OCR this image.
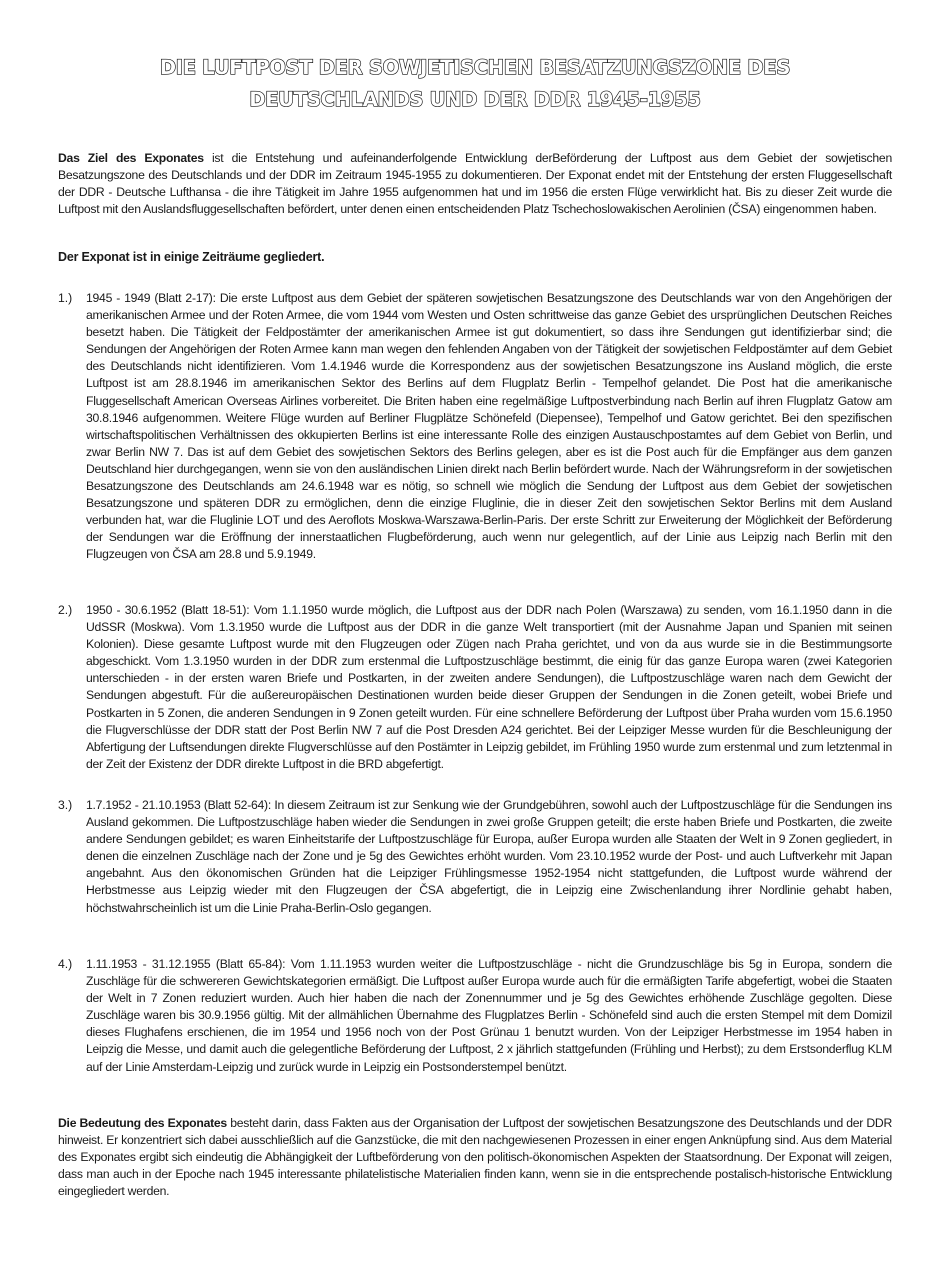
DIE LUFTPOST DER SOWJETISCHEN BESATZUNGSZONE DES
DEUTSCHLANDS UND DER DDR 1945-1955
Das Ziel des Exponates ist die Entstehung und aufeinanderfolgende Entwicklung derBeförderung der Luftpost aus dem Gebiet der sowjetischen Besatzungszone des Deutschlands und der DDR im Zeitraum 1945-1955 zu dokumentieren. Der Exponat endet mit der Entstehung der ersten Fluggesellschaft der DDR - Deutsche Lufthansa - die ihre Tätigkeit im Jahre 1955 aufgenommen hat und im 1956 die ersten Flüge verwirklicht hat. Bis zu dieser Zeit wurde die Luftpost mit den Auslandsfluggesellschaften befördert, unter denen einen entscheidenden Platz Tschechoslowakischen Aerolinien (ČSA) eingenommen haben.
Der Exponat ist in einige Zeiträume gegliedert.
1.) 1945 - 1949 (Blatt 2-17): Die erste Luftpost aus dem Gebiet der späteren sowjetischen Besatzungszone des Deutschlands war von den Angehörigen der amerikanischen Armee und der Roten Armee, die vom 1944 vom Westen und Osten schrittweise das ganze Gebiet des ursprünglichen Deutschen Reiches besetzt haben. Die Tätigkeit der Feldpostämter der amerikanischen Armee ist gut dokumentiert, so dass ihre Sendungen gut identifizierbar sind; die Sendungen der Angehörigen der Roten Armee kann man wegen den fehlenden Angaben von der Tätigkeit der sowjetischen Feldpostämter auf dem Gebiet des Deutschlands nicht identifizieren. Vom 1.4.1946 wurde die Korrespondenz aus der sowjetischen Besatzungszone ins Ausland möglich, die erste Luftpost ist am 28.8.1946 im amerikanischen Sektor des Berlins auf dem Flugplatz Berlin - Tempelhof gelandet. Die Post hat die amerikanische Fluggesellschaft American Overseas Airlines vorbereitet. Die Briten haben eine regelmäßige Luftpostverbindung nach Berlin auf ihren Flugplatz Gatow am 30.8.1946 aufgenommen. Weitere Flüge wurden auf Berliner Flugplätze Schönefeld (Diepensee), Tempelhof und Gatow gerichtet. Bei den spezifischen wirtschaftspolitischen Verhältnissen des okkupierten Berlins ist eine interessante Rolle des einzigen Austauschpostamtes auf dem Gebiet von Berlin, und zwar Berlin NW 7. Das ist auf dem Gebiet des sowjetischen Sektors des Berlins gelegen, aber es ist die Post auch für die Empfänger aus dem ganzen Deutschland hier durchgegangen, wenn sie von den ausländischen Linien direkt nach Berlin befördert wurde. Nach der Währungsreform in der sowjetischen Besatzungszone des Deutschlands am 24.6.1948 war es nötig, so schnell wie möglich die Sendung der Luftpost aus dem Gebiet der sowjetischen Besatzungszone und späteren DDR zu ermöglichen, denn die einzige Fluglinie, die in dieser Zeit den sowjetischen Sektor Berlins mit dem Ausland verbunden hat, war die Fluglinie LOT und des Aeroflots Moskwa-Warszawa-Berlin-Paris. Der erste Schritt zur Erweiterung der Möglichkeit der Beförderung der Sendungen war die Eröffnung der innerstaatlichen Flugbeförderung, auch wenn nur gelegentlich, auf der Linie aus Leipzig nach Berlin mit den Flugzeugen von ČSA am 28.8 und 5.9.1949.
2.) 1950 - 30.6.1952 (Blatt 18-51): Vom 1.1.1950 wurde möglich, die Luftpost aus der DDR nach Polen (Warszawa) zu senden, vom 16.1.1950 dann in die UdSSR (Moskwa). Vom 1.3.1950 wurde die Luftpost aus der DDR in die ganze Welt transportiert (mit der Ausnahme Japan und Spanien mit seinen Kolonien). Diese gesamte Luftpost wurde mit den Flugzeugen oder Zügen nach Praha gerichtet, und von da aus wurde sie in die Bestimmungsorte abgeschickt. Vom 1.3.1950 wurden in der DDR zum erstenmal die Luftpostzuschläge bestimmt, die einig für das ganze Europa waren (zwei Kategorien unterschieden - in der ersten waren Briefe und Postkarten, in der zweiten andere Sendungen), die Luftpostzuschläge waren nach dem Gewicht der Sendungen abgestuft. Für die außereuropäischen Destinationen wurden beide dieser Gruppen der Sendungen in die Zonen geteilt, wobei Briefe und Postkarten in 5 Zonen, die anderen Sendungen in 9 Zonen geteilt wurden. Für eine schnellere Beförderung der Luftpost über Praha wurden vom 15.6.1950 die Flugverschlüsse der DDR statt der Post Berlin NW 7 auf die Post Dresden A24 gerichtet. Bei der Leipziger Messe wurden für die Beschleunigung der Abfertigung der Luftsendungen direkte Flugverschlüsse auf den Postämter in Leipzig gebildet, im Frühling 1950 wurde zum erstenmal und zum letztenmal in der Zeit der Existenz der DDR direkte Luftpost in die BRD abgefertigt.
3.) 1.7.1952 - 21.10.1953 (Blatt 52-64): In diesem Zeitraum ist zur Senkung wie der Grundgebühren, sowohl auch der Luftpostzuschläge für die Sendungen ins Ausland gekommen. Die Luftpostzuschläge haben wieder die Sendungen in zwei große Gruppen geteilt; die erste haben Briefe und Postkarten, die zweite andere Sendungen gebildet; es waren Einheitstarife der Luftpostzuschläge für Europa, außer Europa wurden alle Staaten der Welt in 9 Zonen gegliedert, in denen die einzelnen Zuschläge nach der Zone und je 5g des Gewichtes erhöht wurden. Vom 23.10.1952 wurde der Post- und auch Luftverkehr mit Japan angebahnt. Aus den ökonomischen Gründen hat die Leipziger Frühlingsmesse 1952-1954 nicht stattgefunden, die Luftpost wurde während der Herbstmesse aus Leipzig wieder mit den Flugzeugen der ČSA abgefertigt, die in Leipzig eine Zwischenlandung ihrer Nordlinie gehabt haben, höchstwahrscheinlich ist um die Linie Praha-Berlin-Oslo gegangen.
4.) 1.11.1953 - 31.12.1955 (Blatt 65-84): Vom 1.11.1953 wurden weiter die Luftpostzuschläge - nicht die Grundzuschläge bis 5g in Europa, sondern die Zuschläge für die schwereren Gewichtskategorien ermäßigt. Die Luftpost außer Europa wurde auch für die ermäßigten Tarife abgefertigt, wobei die Staaten der Welt in 7 Zonen reduziert wurden. Auch hier haben die nach der Zonennummer und je 5g des Gewichtes erhöhende Zuschläge gegolten. Diese Zuschläge waren bis 30.9.1956 gültig. Mit der allmählichen Übernahme des Flugplatzes Berlin - Schönefeld sind auch die ersten Stempel mit dem Domizil dieses Flughafens erschienen, die im 1954 und 1956 noch von der Post Grünau 1 benutzt wurden. Von der Leipziger Herbstmesse im 1954 haben in Leipzig die Messe, und damit auch die gelegentliche Beförderung der Luftpost, 2 x jährlich stattgefunden (Frühling und Herbst); zu dem Erstsonderflug KLM auf der Linie Amsterdam-Leipzig und zurück wurde in Leipzig ein Postsonderstempel benützt.
Die Bedeutung des Exponates besteht darin, dass Fakten aus der Organisation der Luftpost der sowjetischen Besatzungszone des Deutschlands und der DDR hinweist. Er konzentriert sich dabei ausschließlich auf die Ganzstücke, die mit den nachgewiesenen Prozessen in einer engen Anknüpfung sind. Aus dem Material des Exponates ergibt sich eindeutig die Abhängigkeit der Luftbeförderung von den politisch-ökonomischen Aspekten der Staatsordnung. Der Exponat will zeigen, dass man auch in der Epoche nach 1945 interessante philatelistische Materialien finden kann, wenn sie in die entsprechende postalisch-historische Entwicklung eingegliedert werden.
